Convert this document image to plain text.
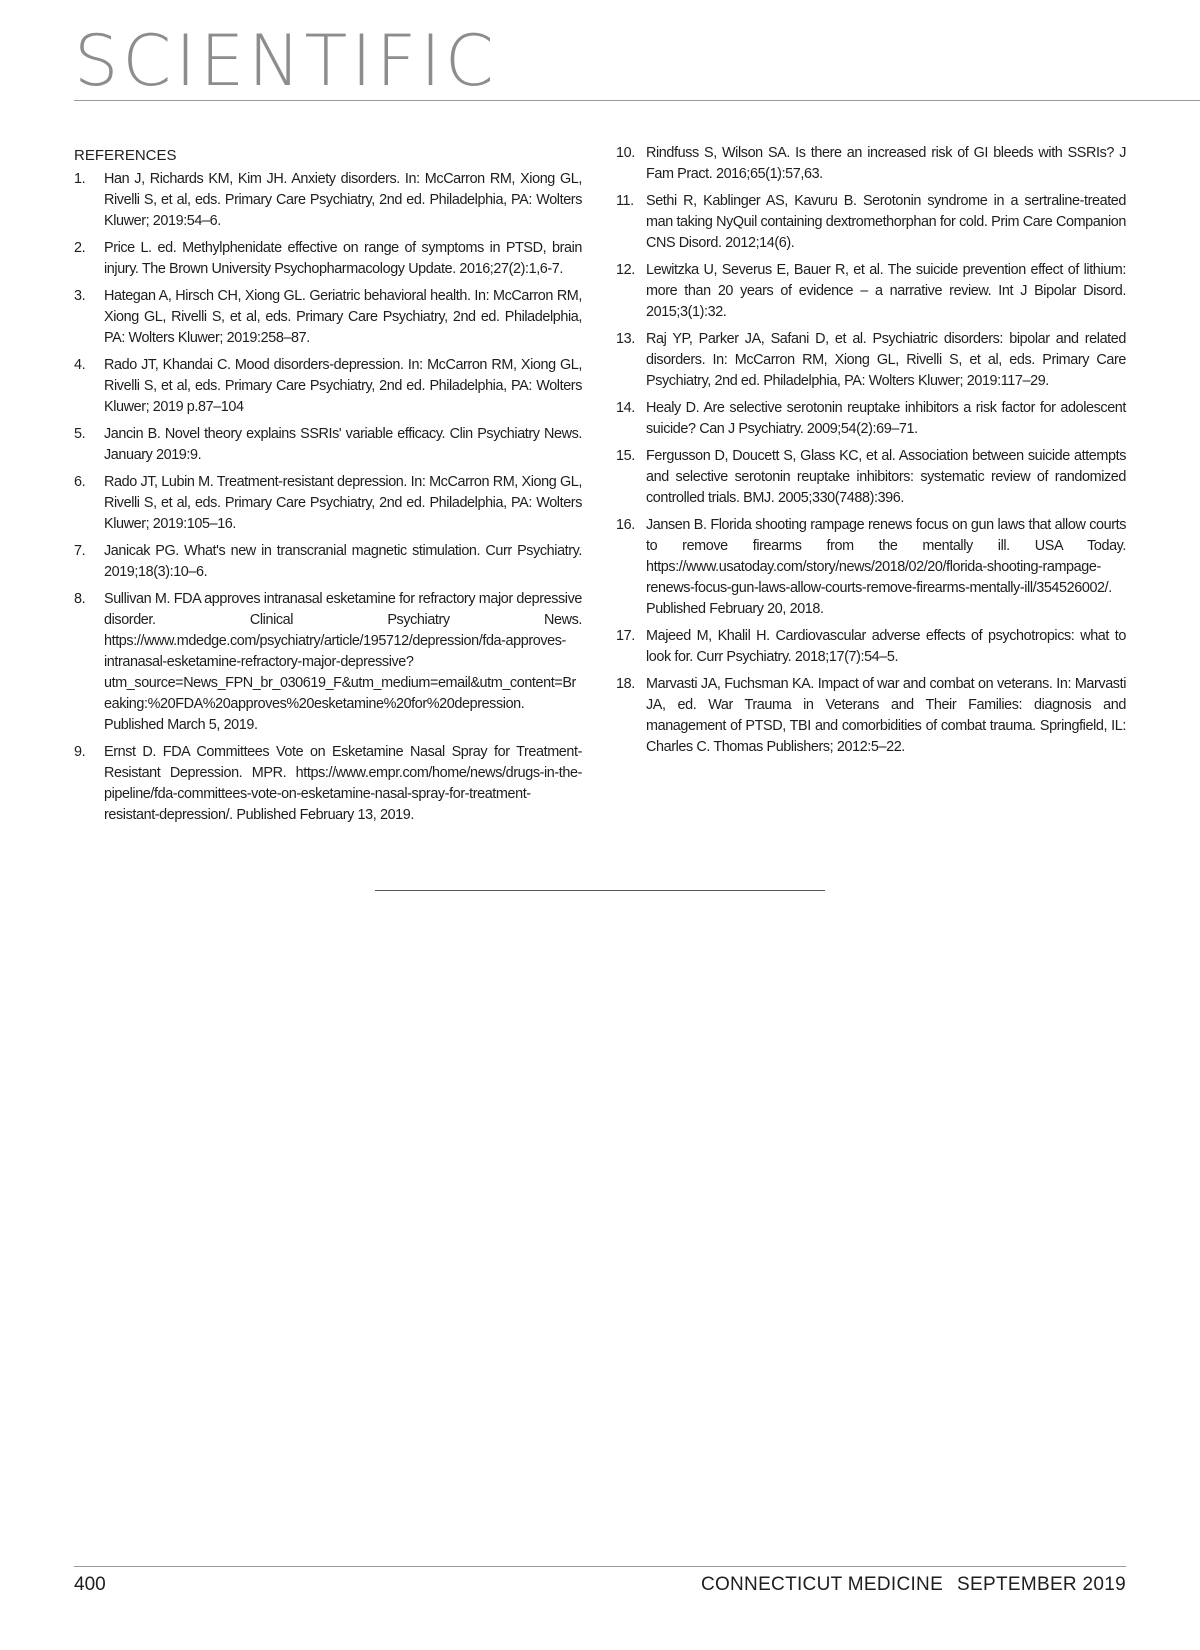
SCIENTIFIC
REFERENCES
1.	Han J, Richards KM, Kim JH. Anxiety disorders. In: McCarron RM, Xiong GL, Rivelli S, et al, eds. Primary Care Psychiatry, 2nd ed. Philadelphia, PA: Wolters Kluwer; 2019:54–6.
2.	Price L. ed. Methylphenidate effective on range of symptoms in PTSD, brain injury. The Brown University Psychopharmacology Update. 2016;27(2):1,6-7.
3.	Hategan A, Hirsch CH, Xiong GL. Geriatric behavioral health. In: McCarron RM, Xiong GL, Rivelli S, et al, eds. Primary Care Psychiatry, 2nd ed. Philadelphia, PA: Wolters Kluwer; 2019:258–87.
4.	Rado JT, Khandai C. Mood disorders-depression. In: McCarron RM, Xiong GL, Rivelli S, et al, eds. Primary Care Psychiatry, 2nd ed. Philadelphia, PA: Wolters Kluwer; 2019 p.87–104
5.	Jancin B. Novel theory explains SSRIs' variable efficacy. Clin Psychiatry News. January 2019:9.
6.	Rado JT, Lubin M. Treatment-resistant depression. In: McCarron RM, Xiong GL, Rivelli S, et al, eds. Primary Care Psychiatry, 2nd ed. Philadelphia, PA: Wolters Kluwer; 2019:105–16.
7.	Janicak PG. What's new in transcranial magnetic stimulation. Curr Psychiatry. 2019;18(3):10–6.
8.	Sullivan M. FDA approves intranasal esketamine for refractory major depressive disorder. Clinical Psychiatry News. https://www.mdedge.com/psychiatry/article/195712/depression/fda-approves-intranasal-esketamine-refractory-major-depressive?utm_source=News_FPN_br_030619_F&utm_medium=email&utm_content=Breaking:%20FDA%20approves%20esketamine%20for%20depression. Published March 5, 2019.
9.	Ernst D. FDA Committees Vote on Esketamine Nasal Spray for Treatment-Resistant Depression. MPR. https://www.empr.com/home/news/drugs-in-the-pipeline/fda-committees-vote-on-esketamine-nasal-spray-for-treatment-resistant-depression/. Published February 13, 2019.
10. Rindfuss S, Wilson SA. Is there an increased risk of GI bleeds with SSRIs? J Fam Pract. 2016;65(1):57,63.
11. Sethi R, Kablinger AS, Kavuru B. Serotonin syndrome in a sertraline-treated man taking NyQuil containing dextromethorphan for cold. Prim Care Companion CNS Disord. 2012;14(6).
12. Lewitzka U, Severus E, Bauer R, et al. The suicide prevention effect of lithium: more than 20 years of evidence – a narrative review. Int J Bipolar Disord. 2015;3(1):32.
13. Raj YP, Parker JA, Safani D, et al. Psychiatric disorders: bipolar and related disorders. In: McCarron RM, Xiong GL, Rivelli S, et al, eds. Primary Care Psychiatry, 2nd ed. Philadelphia, PA: Wolters Kluwer; 2019:117–29.
14. Healy D. Are selective serotonin reuptake inhibitors a risk factor for adolescent suicide? Can J Psychiatry. 2009;54(2):69–71.
15. Fergusson D, Doucett S, Glass KC, et al. Association between suicide attempts and selective serotonin reuptake inhibitors: systematic review of randomized controlled trials. BMJ. 2005;330(7488):396.
16. Jansen B. Florida shooting rampage renews focus on gun laws that allow courts to remove firearms from the mentally ill. USA Today. https://www.usatoday.com/story/news/2018/02/20/florida-shooting-rampage-renews-focus-gun-laws-allow-courts-remove-firearms-mentally-ill/354526002/. Published February 20, 2018.
17. Majeed M, Khalil H. Cardiovascular adverse effects of psychotropics: what to look for. Curr Psychiatry. 2018;17(7):54–5.
18. Marvasti JA, Fuchsman KA. Impact of war and combat on veterans. In: Marvasti JA, ed. War Trauma in Veterans and Their Families: diagnosis and management of PTSD, TBI and comorbidities of combat trauma. Springfield, IL: Charles C. Thomas Publishers; 2012:5–22.
400	CONNECTICUT MEDICINE SEPTEMBER 2019
